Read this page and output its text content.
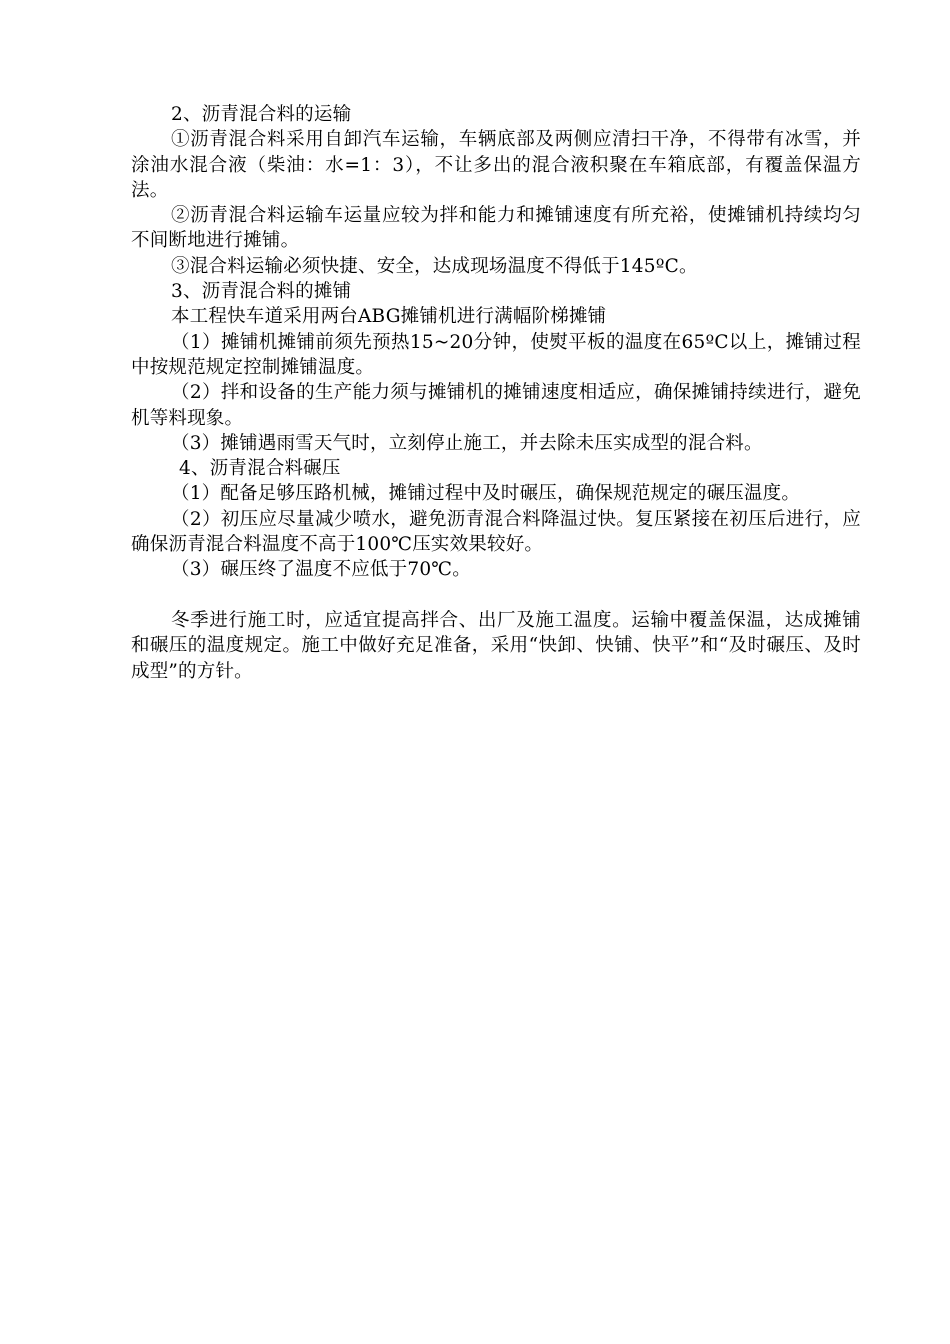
2、沥青混合料的运输

①沥青混合料采用自卸汽车运输，车辆底部及两侧应清扫干净，不得带有冰雪，并涂油水混合液（柴油：水=1：3），不让多出的混合液积聚在车箱底部，有覆盖保温方法。

②沥青混合料运输车运量应较为拌和能力和摊铺速度有所充裕，使摊铺机持续均匀不间断地进行摊铺。

③混合料运输必须快捷、安全，达成现场温度不得低于145ºC。

3、沥青混合料的摊铺

本工程快车道采用两台ABG摊铺机进行满幅阶梯摊铺

（1）摊铺机摊铺前须先预热15~20分钟，使熨平板的温度在65ºC以上，摊铺过程中按规范规定控制摊铺温度。

（2）拌和设备的生产能力须与摊铺机的摊铺速度相适应，确保摊铺持续进行，避免机等料现象。

（3）摊铺遇雨雪天气时，立刻停止施工，并去除未压实成型的混合料。

4、沥青混合料碾压

（1）配备足够压路机械，摊铺过程中及时碾压，确保规范规定的碾压温度。

（2）初压应尽量减少喷水，避免沥青混合料降温过快。复压紧接在初压后进行，应确保沥青混合料温度不高于100℃压实效果较好。

（3）碾压终了温度不应低于70℃。

冬季进行施工时，应适宜提高拌合、出厂及施工温度。运输中覆盖保温，达成摊铺和碾压的温度规定。施工中做好充足准备，采用“快卸、快铺、快平”和“及时碾压、及时成型”的方针。
